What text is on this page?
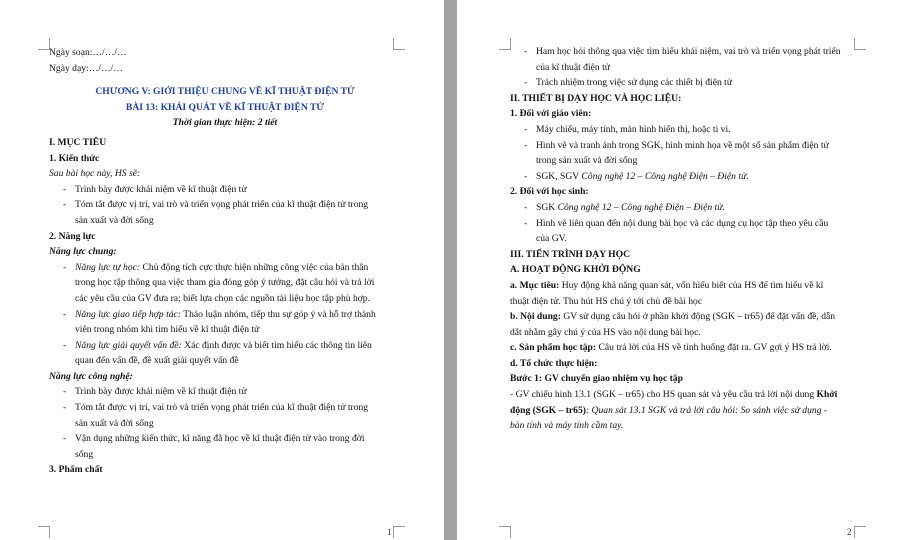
Ngày soạn:…/…/…
Ngày dạy:…/…/…
CHƯƠNG V: GIỚI THIỆU CHUNG VỀ KĨ THUẬT ĐIỆN TỬ
BÀI 13: KHÁI QUÁT VỀ KĨ THUẬT ĐIỆN TỬ
Thời gian thực hiện: 2 tiết
I. MỤC TIÊU
1. Kiến thức
Sau bài học này, HS sẽ:
- Trình bày được khái niệm về kĩ thuật điện tử
- Tóm tắt được vị trí, vai trò và triển vọng phát triển của kĩ thuật điện tử trong
sản xuất và đời sống
2. Năng lực
Năng lực chung:
- Năng lực tự học: Chủ động tích cực thực hiện những công việc của bản thân
trong học tập thông qua việc tham gia đóng góp ý tưởng, đặt câu hỏi và trả lời
các yêu cầu của GV đưa ra; biết lựa chọn các nguồn tài liệu học tập phù hợp.
- Năng lực giao tiếp hợp tác: Thảo luận nhóm, tiếp thu sự góp ý và hỗ trợ thành
viên trong nhóm khi tìm hiểu về kĩ thuật điện tử
- Năng lực giải quyết vấn đề: Xác định được và biết tìm hiểu các thông tin liên
quan đến vấn đề, đề xuất giải quyết vấn đề
Năng lực công nghệ:
- Trình bày được khái niệm về kĩ thuật điện tử
- Tóm tắt được vị trí, vai trò và triển vọng phát triển của kĩ thuật điện tử trong
sản xuất và đời sống
- Vận dụng những kiến thức, kĩ năng đã học về kĩ thuật điện tử vào trong đời
sống
3. Phẩm chất
1
- Ham học hỏi thông qua việc tìm hiểu khái niệm, vai trò và triển vọng phát triển
của kĩ thuật điện tử
- Trách nhiệm trong việc sử dụng các thiết bị điện tử
II. THIẾT BỊ DẠY HỌC VÀ HỌC LIỆU:
1. Đối với giáo viên:
- Máy chiếu, máy tính, màn hình hiển thị, hoặc ti vi.
- Hình vẽ và tranh ảnh trong SGK, hình minh họa về một số sản phẩm điện tử
trong sản xuất và đời sống
- SGK, SGV Công nghệ 12 – Công nghệ Điện – Điện tử.
2. Đối với học sinh:
- SGK Công nghệ 12 – Công nghệ Điện – Điện tử.
- Hình vẽ liên quan đến nội dung bài học và các dụng cụ học tập theo yêu cầu
của GV.
III. TIẾN TRÌNH DẠY HỌC
A. HOẠT ĐỘNG KHỞI ĐỘNG
a. Mục tiêu: Huy động khả năng quan sát, vốn hiểu biết của HS để tìm hiểu về kĩ
thuật điện tử. Thu hút HS chú ý tới chủ đề bài học
b. Nội dung: GV sử dụng câu hỏi ở phần khởi động (SGK – tr65) để đặt vấn đề, dẫn
dắt nhằm gây chú ý của HS vào nội dung bài học.
c. Sản phẩm học tập: Câu trả lời của HS về tình huống đặt ra. GV gợi ý HS trả lời.
d. Tổ chức thực hiện:
Bước 1: GV chuyển giao nhiệm vụ học tập
- GV chiếu hình 13.1 (SGK – tr65) cho HS quan sát và yêu cầu trả lời nội dung Khởi
động (SGK – tr65): Quan sát 13.1 SGK và trả lời câu hỏi: So sánh việc sử dụng -
bàn tính và máy tính cầm tay.
2
